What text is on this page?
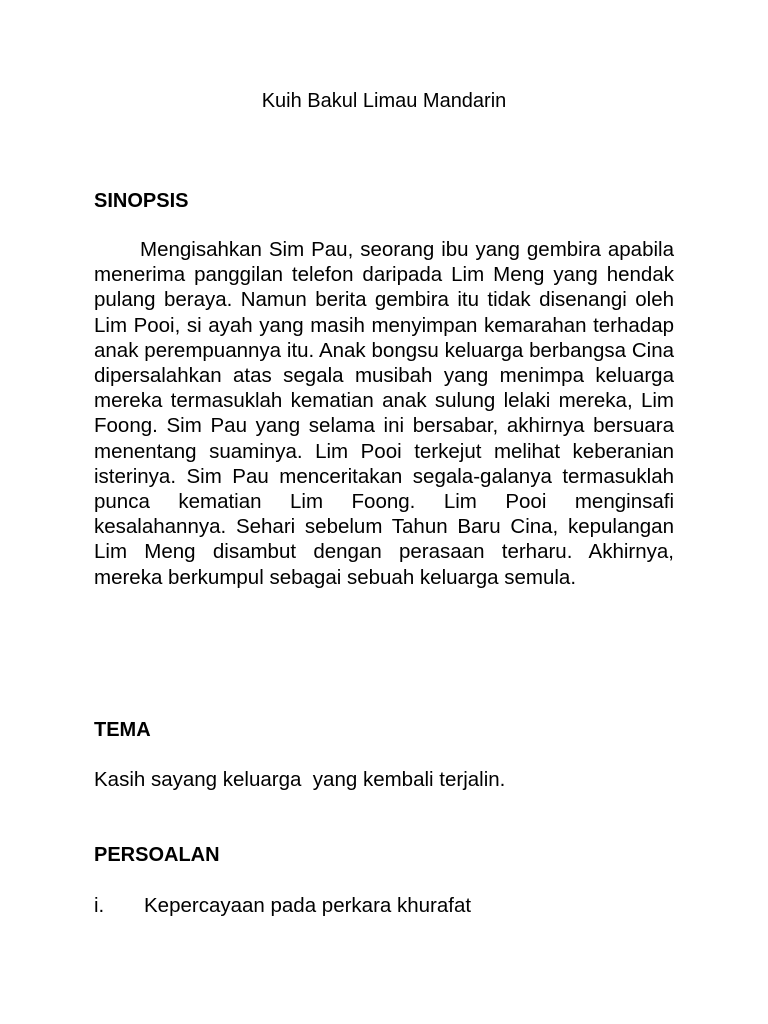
Kuih Bakul Limau Mandarin
SINOPSIS

Mengisahkan Sim Pau, seorang ibu yang gembira apabila menerima panggilan telefon daripada Lim Meng yang hendak pulang beraya. Namun berita gembira itu tidak disenangi oleh Lim Pooi, si ayah yang masih menyimpan kemarahan terhadap anak perempuannya itu. Anak bongsu keluarga berbangsa Cina dipersalahkan atas segala musibah yang menimpa keluarga mereka termasuklah kematian anak sulung lelaki mereka, Lim Foong. Sim Pau yang selama ini bersabar, akhirnya bersuara menentang suaminya. Lim Pooi terkejut melihat keberanian isterinya. Sim Pau menceritakan segala-galanya termasuklah punca kematian Lim Foong. Lim Pooi menginsafi kesalahannya. Sehari sebelum Tahun Baru Cina, kepulangan Lim Meng disambut dengan perasaan terharu. Akhirnya, mereka berkumpul sebagai sebuah keluarga semula.

TEMA

Kasih sayang keluarga  yang kembali terjalin.

PERSOALAN
i.	Kepercayaan pada perkara khurafat
